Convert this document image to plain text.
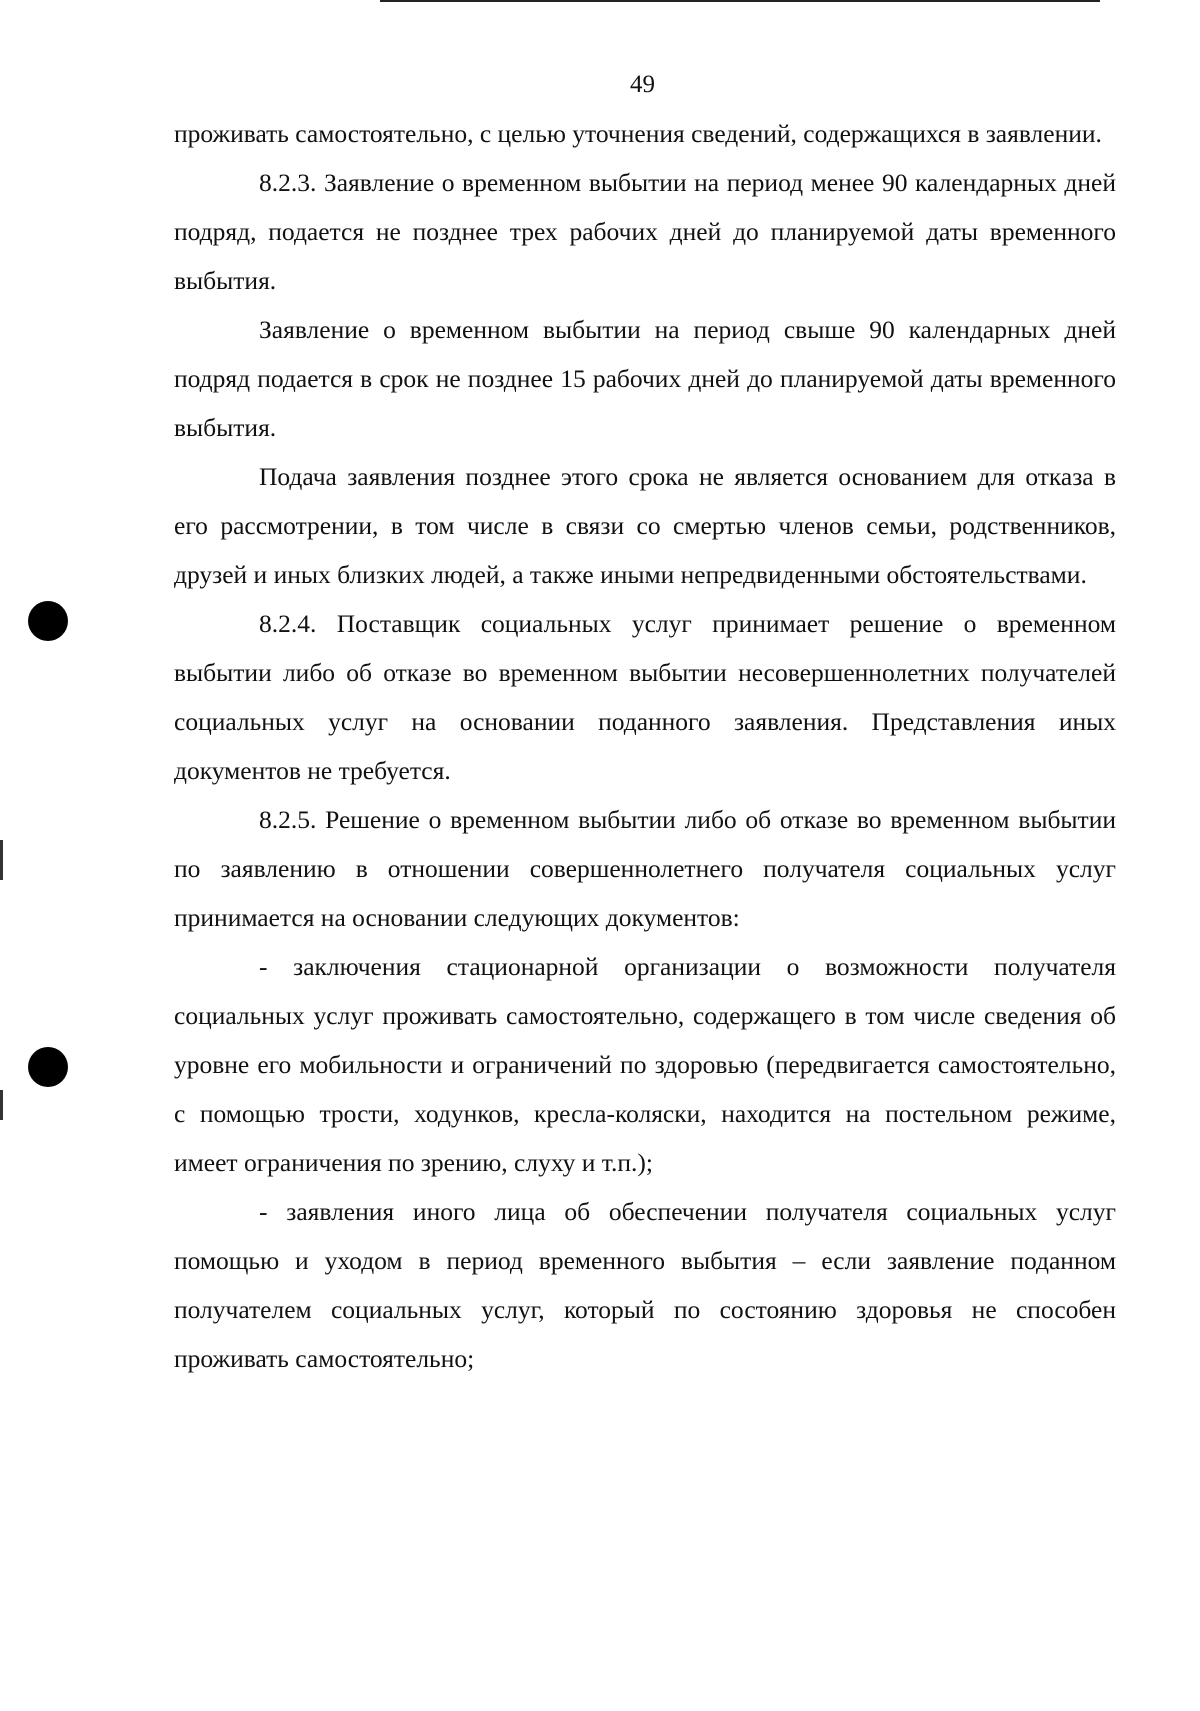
49

проживать самостоятельно, с целью уточнения сведений, содержащихся в заявлении.

8.2.3. Заявление о временном выбытии на период менее 90 календарных дней подряд, подается не позднее трех рабочих дней до планируемой даты временного выбытия.

Заявление о временном выбытии на период свыше 90 календарных дней подряд подается в срок не позднее 15 рабочих дней до планируемой даты временного выбытия.

Подача заявления позднее этого срока не является основанием для отказа в его рассмотрении, в том числе в связи со смертью членов семьи, родственников, друзей и иных близких людей, а также иными непредвиденными обстоятельствами.

8.2.4. Поставщик социальных услуг принимает решение о временном выбытии либо об отказе во временном выбытии несовершеннолетних получателей социальных услуг на основании поданного заявления. Представления иных документов не требуется.

8.2.5. Решение о временном выбытии либо об отказе во временном выбытии по заявлению в отношении совершеннолетнего получателя социальных услуг принимается на основании следующих документов:

- заключения стационарной организации о возможности получателя социальных услуг проживать самостоятельно, содержащего в том числе сведения об уровне его мобильности и ограничений по здоровью (передвигается самостоятельно, с помощью трости, ходунков, кресла-коляски, находится на постельном режиме, имеет ограничения по зрению, слуху и т.п.);

- заявления иного лица об обеспечении получателя социальных услуг помощью и уходом в период временного выбытия – если заявление поданном получателем социальных услуг, который по состоянию здоровья не способен проживать самостоятельно;
